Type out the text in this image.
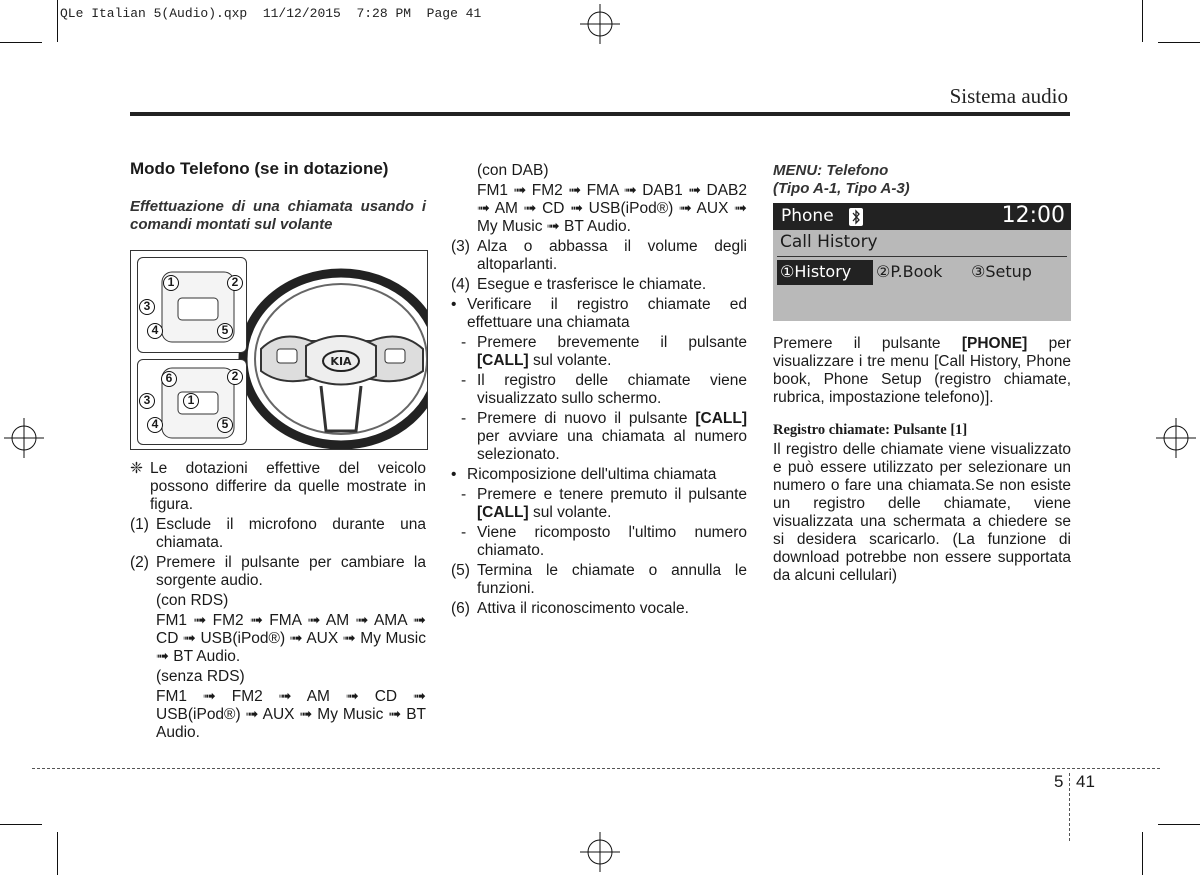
QLe Italian 5(Audio).qxp  11/12/2015  7:28 PM  Page 41
Sistema audio
Modo Telefono (se in dotazione)

Effettuazione di una chiamata usando i comandi montati sul volante

KIA
1	2
3
4	5
6	2
3	1
4	5
❈ Le dotazioni effettive del veicolo possono differire da quelle mostrate in figura.
(1) Esclude il microfono durante una chiamata.
(2) Premere il pulsante per cambiare la sorgente audio.

(con RDS)

FM1 ➟ FM2 ➟ FMA ➟ AM ➟ AMA ➟ CD ➟ USB(iPod®) ➟ AUX ➟ My Music ➟ BT Audio.

(senza RDS)

FM1 ➟ FM2 ➟ AM ➟ CD ➟ USB(iPod®) ➟ AUX ➟ My Music ➟ BT Audio.

(con DAB)

FM1 ➟ FM2 ➟ FMA ➟ DAB1 ➟ DAB2 ➟ AM ➟ CD ➟ USB(iPod®) ➟ AUX ➟ My Music ➟ BT Audio.

(3) Alza o abbassa il volume degli altoparlanti.
(4) Esegue e trasferisce le chiamate.
• Verificare il registro chiamate ed effettuare una chiamata
- Premere brevemente il pulsante [CALL] sul volante.
- Il registro delle chiamate viene visualizzato sullo schermo.
- Premere di nuovo il pulsante [CALL] per avviare una chiamata al numero selezionato.
• Ricomposizione dell'ultima chiamata
- Premere e tenere premuto il pulsante [CALL] sul volante.
- Viene ricomposto l'ultimo numero chiamato.
(5) Termina le chiamate o annulla le funzioni.
(6) Attiva il riconoscimento vocale.

MENU: Telefono

(Tipo A-1, Tipo A-3)

Phone	12:00
Call History
①History ②P.Book ③Setup

Premere il pulsante [PHONE] per visualizzare i tre menu [Call History, Phone book, Phone Setup (registro chiamate, rubrica, impostazione telefono)].

Registro chiamate: Pulsante [1]

Il registro delle chiamate viene visualizzato e può essere utilizzato per selezionare un numero o fare una chiamata.Se non esiste un registro delle chiamate, viene visualizzata una schermata a chiedere se si desidera scaricarlo. (La funzione di download potrebbe non essere supportata da alcuni cellulari)

5 41
